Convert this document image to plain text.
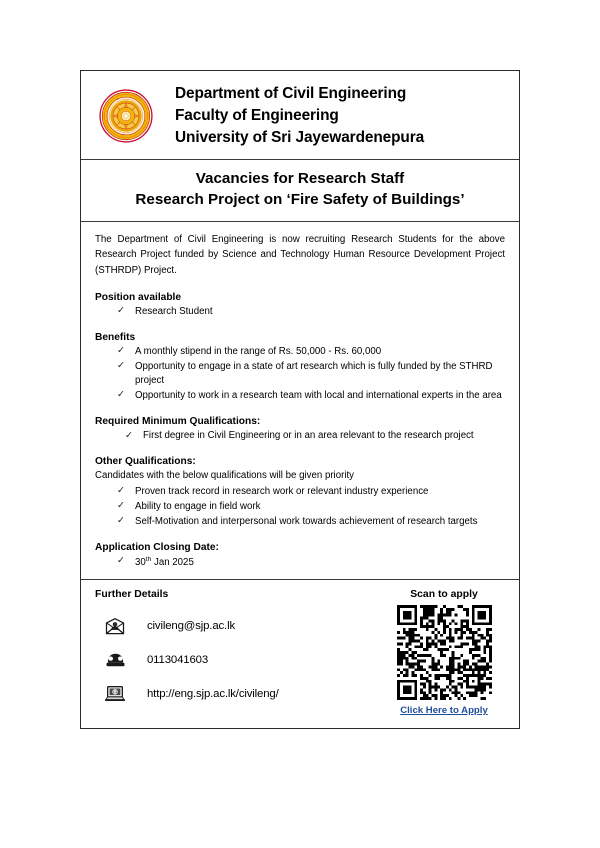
Department of Civil Engineering
Faculty of Engineering
University of Sri Jayewardenepura
Vacancies for Research Staff
Research Project on ‘Fire Safety of Buildings’

The Department of Civil Engineering is now recruiting Research Students for the above Research Project funded by Science and Technology Human Resource Development Project (STHRDP) Project.

Position available
✓ Research Student
Benefits
✓ A monthly stipend in the range of Rs. 50,000 - Rs. 60,000
✓ Opportunity to engage in a state of art research which is fully funded by the STHRD project
✓ Opportunity to work in a research team with local and international experts in the area
Required Minimum Qualifications:
✓ First degree in Civil Engineering or in an area relevant to the research project
Other Qualifications:
Candidates with the below qualifications will be given priority
✓ Proven track record in research work or relevant industry experience
✓ Ability to engage in field work
✓ Self-Motivation and interpersonal work towards achievement of research targets
Application Closing Date:
✓ 30th Jan 2025
Further Details
civileng@sjp.ac.lk
0113041603
http://eng.sjp.ac.lk/civileng/
Scan to apply
Click Here to Apply
